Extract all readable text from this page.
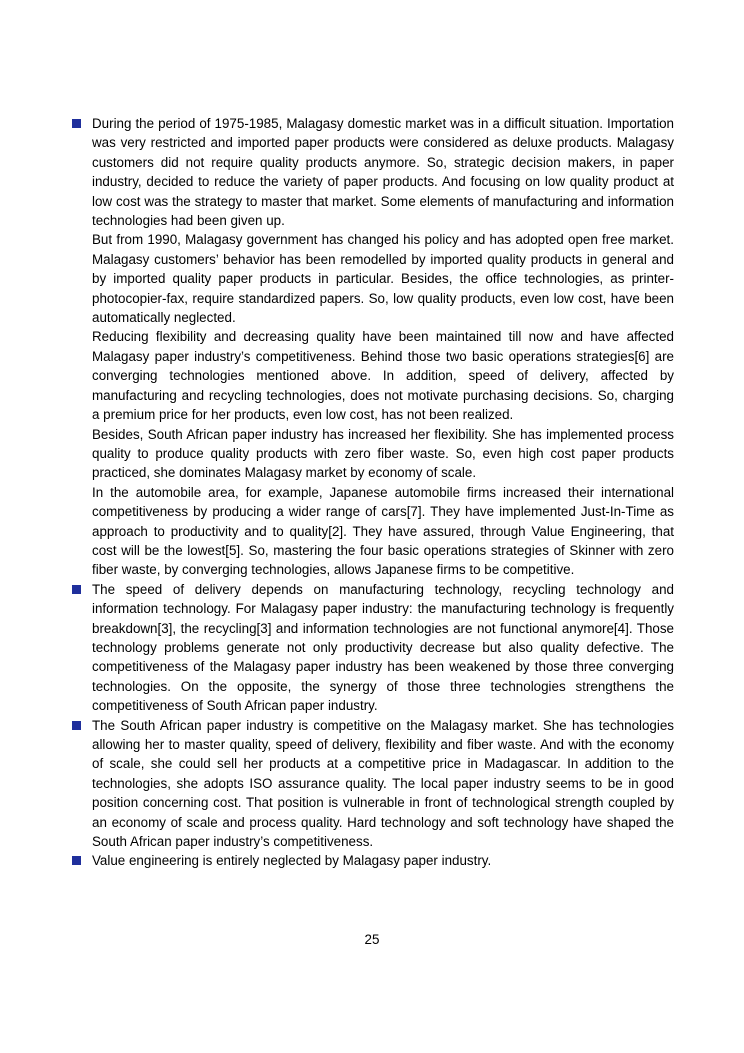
During the period of 1975-1985, Malagasy domestic market was in a difficult situation. Importation was very restricted and imported paper products were considered as deluxe products. Malagasy customers did not require quality products anymore. So, strategic decision makers, in paper industry, decided to reduce the variety of paper products. And focusing on low quality product at low cost was the strategy to master that market. Some elements of manufacturing and information technologies had been given up.

But from 1990, Malagasy government has changed his policy and has adopted open free market. Malagasy customers’ behavior has been remodelled by imported quality products in general and by imported quality paper products in particular. Besides, the office technologies, as printer-photocopier-fax, require standardized papers. So, low quality products, even low cost, have been automatically neglected.

Reducing flexibility and decreasing quality have been maintained till now and have affected Malagasy paper industry’s competitiveness. Behind those two basic operations strategies[6] are converging technologies mentioned above. In addition, speed of delivery, affected by manufacturing and recycling technologies, does not motivate purchasing decisions. So, charging a premium price for her products, even low cost, has not been realized.

Besides, South African paper industry has increased her flexibility. She has implemented process quality to produce quality products with zero fiber waste. So, even high cost paper products practiced, she dominates Malagasy market by economy of scale.

In the automobile area, for example, Japanese automobile firms increased their international competitiveness by producing a wider range of cars[7]. They have implemented Just-In-Time as approach to productivity and to quality[2]. They have assured, through Value Engineering, that cost will be the lowest[5]. So, mastering the four basic operations strategies of Skinner with zero fiber waste, by converging technologies, allows Japanese firms to be competitive.

The speed of delivery depends on manufacturing technology, recycling technology and information technology. For Malagasy paper industry: the manufacturing technology is frequently breakdown[3], the recycling[3] and information technologies are not functional anymore[4]. Those technology problems generate not only productivity decrease but also quality defective. The competitiveness of the Malagasy paper industry has been weakened by those three converging technologies. On the opposite, the synergy of those three technologies strengthens the competitiveness of South African paper industry.

The South African paper industry is competitive on the Malagasy market. She has technologies allowing her to master quality, speed of delivery, flexibility and fiber waste. And with the economy of scale, she could sell her products at a competitive price in Madagascar. In addition to the technologies, she adopts ISO assurance quality. The local paper industry seems to be in good position concerning cost. That position is vulnerable in front of technological strength coupled by an economy of scale and process quality. Hard technology and soft technology have shaped the South African paper industry’s competitiveness.

Value engineering is entirely neglected by Malagasy paper industry.

25
